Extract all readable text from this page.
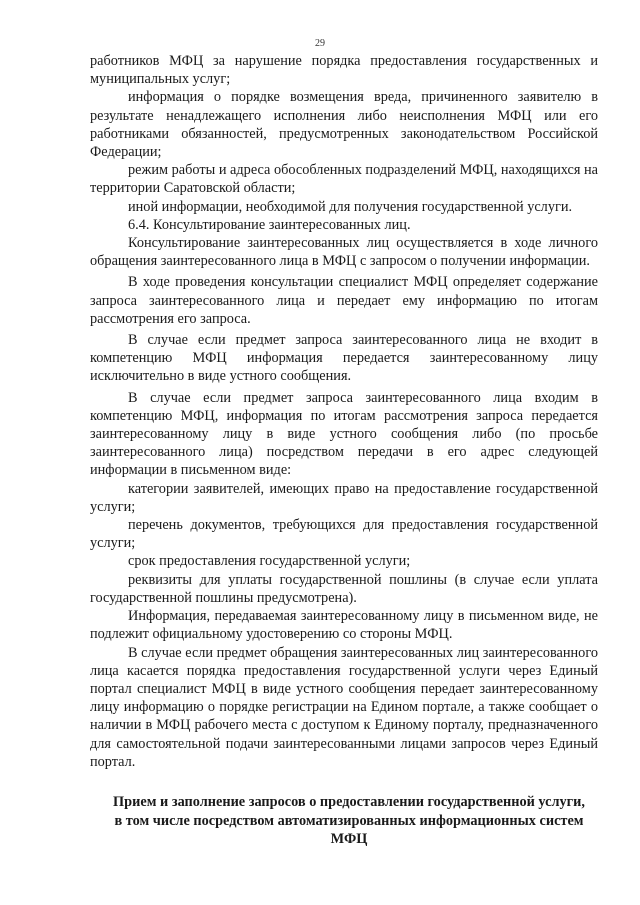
29

работников МФЦ за нарушение порядка предоставления государственных и муниципальных услуг;

информация о порядке возмещения вреда, причиненного заявителю в результате ненадлежащего исполнения либо неисполнения МФЦ или его работниками обязанностей, предусмотренных законодательством Российской Федерации;

режим работы и адреса обособленных подразделений МФЦ, находящихся на территории Саратовской области;

иной информации, необходимой для получения государственной услуги.

6.4. Консультирование заинтересованных лиц.

Консультирование заинтересованных лиц осуществляется в ходе личного обращения заинтересованного лица в МФЦ с запросом о получении информации.

В ходе проведения консультации специалист МФЦ определяет содержание запроса заинтересованного лица и передает ему информацию по итогам рассмотрения его запроса.

В случае если предмет запроса заинтересованного лица не входит в компетенцию МФЦ информация передается заинтересованному лицу исключительно в виде устного сообщения.

В случае если предмет запроса заинтересованного лица входим в компетенцию МФЦ, информация по итогам рассмотрения запроса передается заинтересованному лицу в виде устного сообщения либо (по просьбе заинтересованного лица) посредством передачи в его адрес следующей информации в письменном виде:

категории заявителей, имеющих право на предоставление государственной услуги;

перечень документов, требующихся для предоставления государственной услуги;

срок предоставления государственной услуги;

реквизиты для уплаты государственной пошлины (в случае если уплата государственной пошлины предусмотрена).

Информация, передаваемая заинтересованному лицу в письменном виде, не подлежит официальному удостоверению со стороны МФЦ.

В случае если предмет обращения заинтересованных лиц заинтересованного лица касается порядка предоставления государственной услуги через Единый портал специалист МФЦ в виде устного сообщения передает заинтересованному лицу информацию о порядке регистрации на Едином портале, а также сообщает о наличии в МФЦ рабочего места с доступом к Единому порталу, предназначенного для самостоятельной подачи заинтересованными лицами запросов через Единый портал.

Прием и заполнение запросов о предоставлении государственной услуги, в том числе посредством автоматизированных информационных систем МФЦ
